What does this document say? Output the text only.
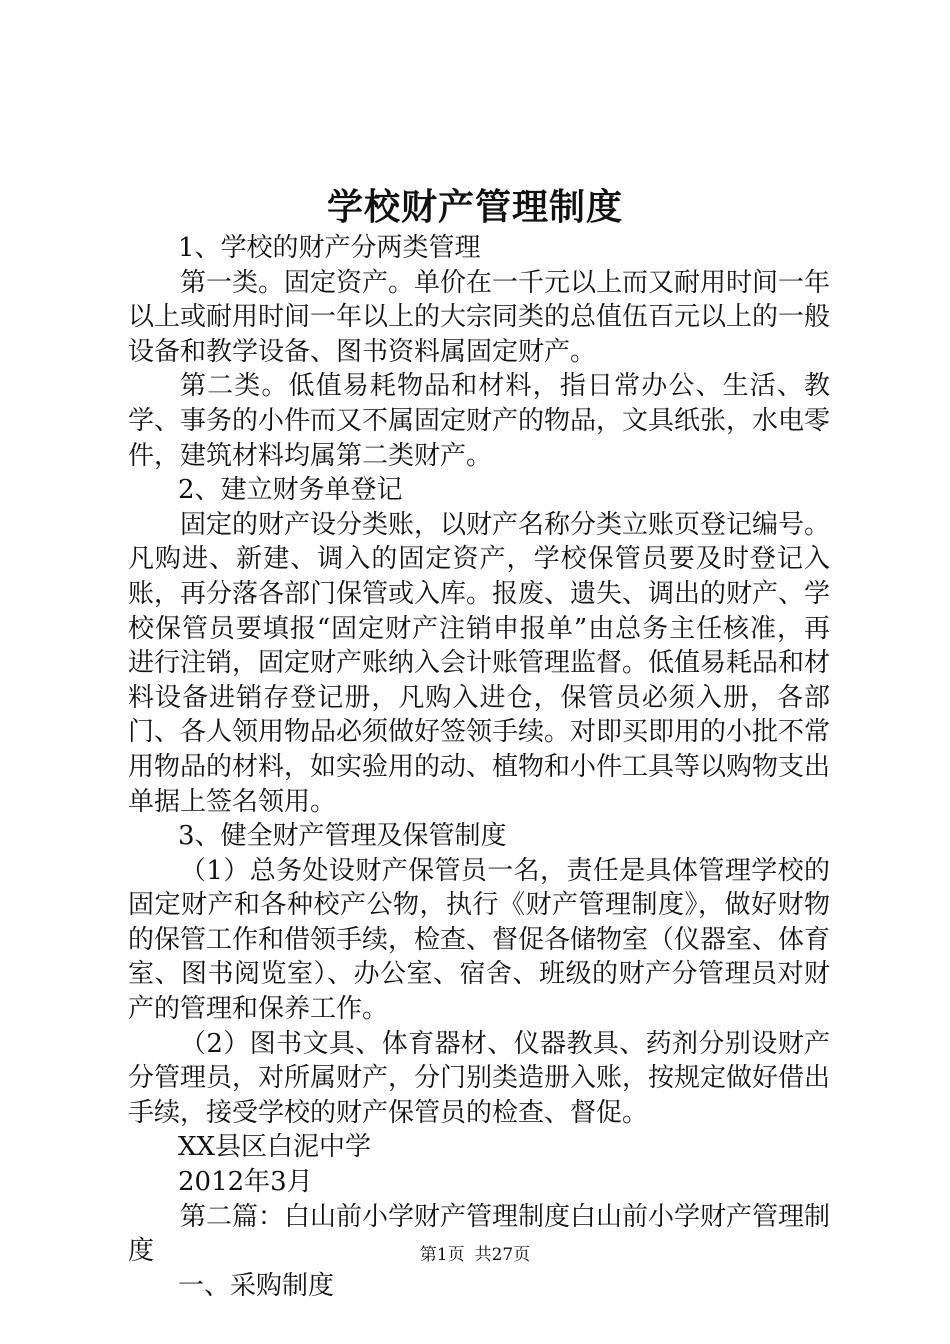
学校财产管理制度

1、学校的财产分两类管理

第一类。固定资产。单价在一千元以上而又耐用时间一年以上或耐用时间一年以上的大宗同类的总值伍百元以上的一般设备和教学设备、图书资料属固定财产。

第二类。低值易耗物品和材料，指日常办公、生活、教学、事务的小件而又不属固定财产的物品，文具纸张，水电零件，建筑材料均属第二类财产。

2、建立财务单登记

固定的财产设分类账，以财产名称分类立账页登记编号。凡购进、新建、调入的固定资产，学校保管员要及时登记入账，再分落各部门保管或入库。报废、遗失、调出的财产、学校保管员要填报“固定财产注销申报单”由总务主任核准，再进行注销，固定财产账纳入会计账管理监督。低值易耗品和材料设备进销存登记册，凡购入进仓，保管员必须入册，各部门、各人领用物品必须做好签领手续。对即买即用的小批不常用物品的材料，如实验用的动、植物和小件工具等以购物支出单据上签名领用。

3、健全财产管理及保管制度

（1）总务处设财产保管员一名，责任是具体管理学校的固定财产和各种校产公物，执行《财产管理制度》，做好财物的保管工作和借领手续，检查、督促各储物室（仪器室、体育室、图书阅览室）、办公室、宿舍、班级的财产分管理员对财产的管理和保养工作。

（2）图书文具、体育器材、仪器教具、药剂分别设财产分管理员，对所属财产，分门别类造册入账，按规定做好借出手续，接受学校的财产保管员的检查、督促。

XX县区白泥中学

2012年3月

第二篇：白山前小学财产管理制度白山前小学财产管理制度

一、采购制度

第1页 共27页
